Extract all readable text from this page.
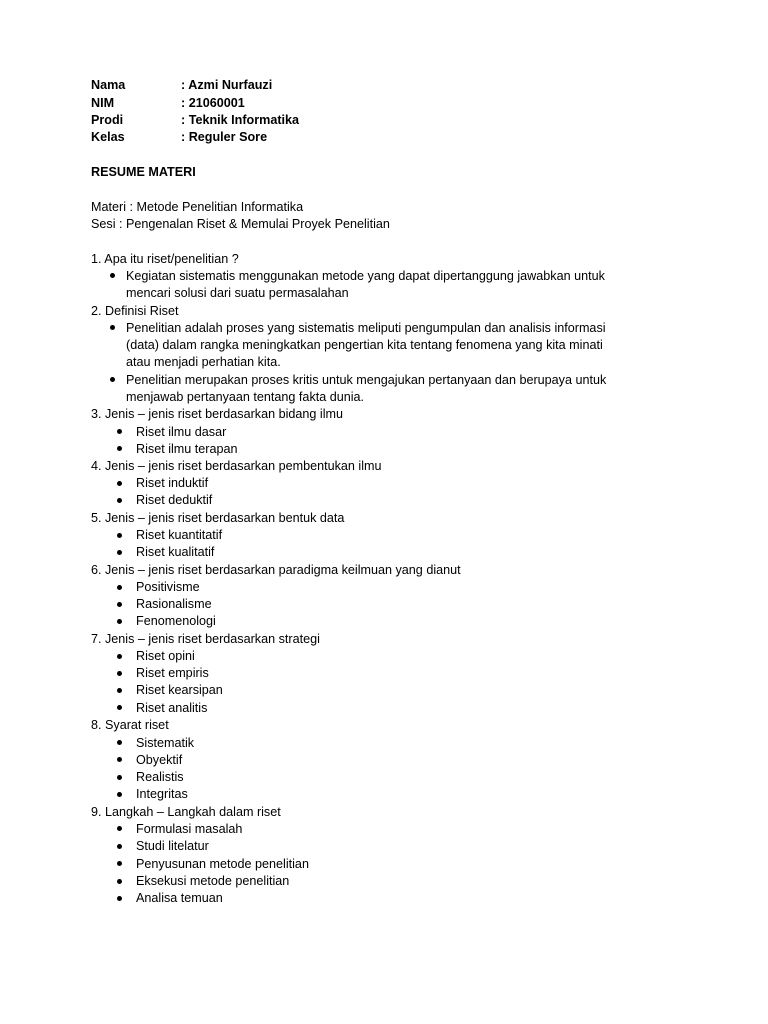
Nama	: Azmi Nurfauzi
NIM	: 21060001
Prodi	: Teknik Informatika
Kelas	: Reguler Sore
RESUME MATERI
Materi : Metode Penelitian Informatika
Sesi : Pengenalan Riset & Memulai Proyek Penelitian
1. Apa itu riset/penelitian ?
Kegiatan sistematis menggunakan metode yang dapat dipertanggung jawabkan untuk
mencari solusi dari suatu permasalahan
2. Definisi Riset
Penelitian adalah proses yang sistematis meliputi pengumpulan dan analisis informasi
(data) dalam rangka meningkatkan pengertian kita tentang fenomena yang kita minati
atau menjadi perhatian kita.
Penelitian merupakan proses kritis untuk mengajukan pertanyaan dan berupaya untuk
menjawab pertanyaan tentang fakta dunia.
3. Jenis – jenis riset berdasarkan bidang ilmu
Riset ilmu dasar
Riset ilmu terapan
4. Jenis – jenis riset berdasarkan pembentukan ilmu
Riset induktif
Riset deduktif
5. Jenis – jenis riset berdasarkan bentuk data
Riset kuantitatif
Riset kualitatif
6. Jenis – jenis riset berdasarkan paradigma keilmuan yang dianut
Positivisme
Rasionalisme
Fenomenologi
7. Jenis – jenis riset berdasarkan strategi
Riset opini
Riset empiris
Riset kearsipan
Riset analitis
8. Syarat riset
Sistematik
Obyektif
Realistis
Integritas
9. Langkah – Langkah dalam riset
Formulasi masalah
Studi litelatur
Penyusunan metode penelitian
Eksekusi metode penelitian
Analisa temuan
